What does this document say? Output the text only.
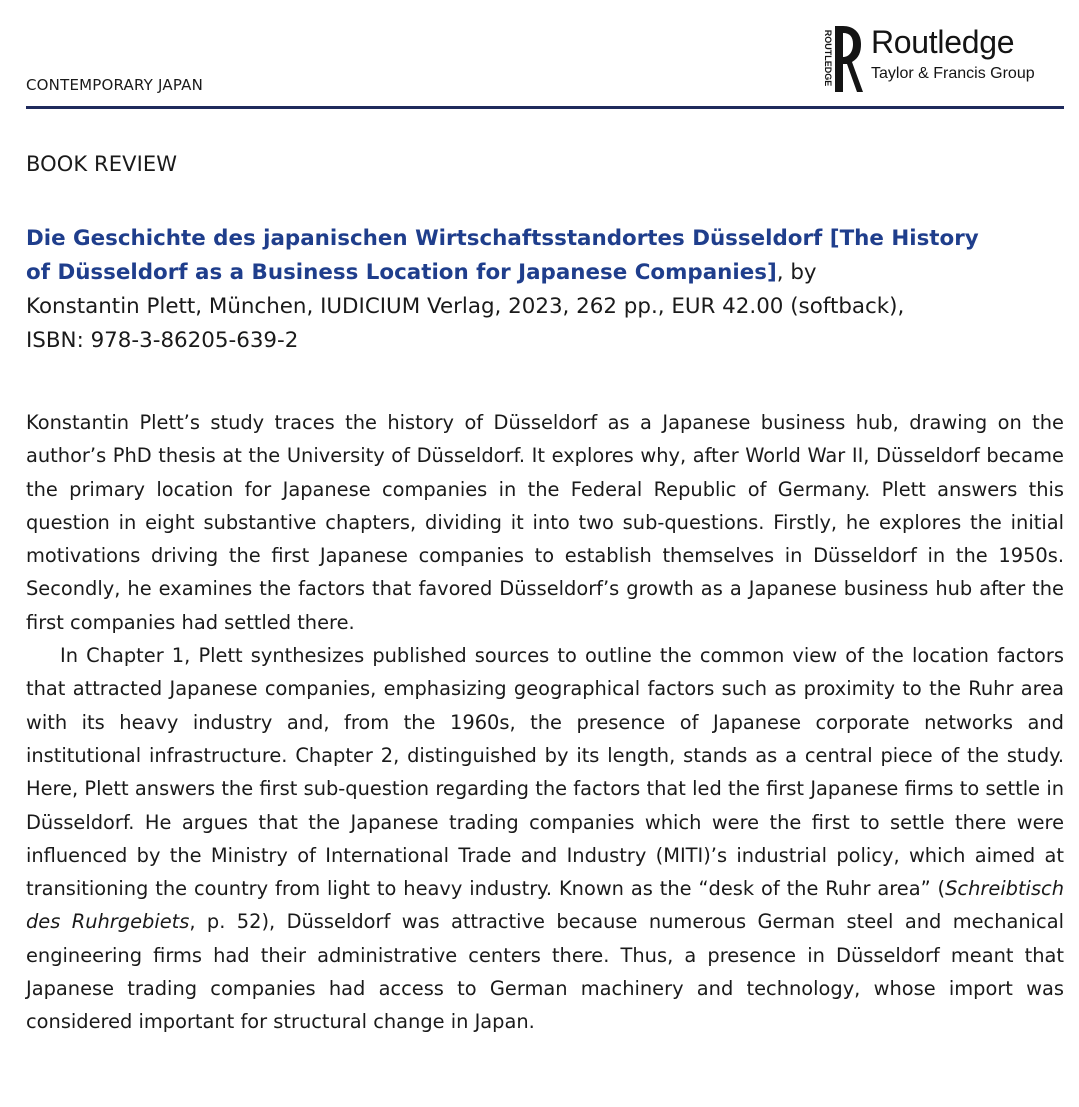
CONTEMPORARY JAPAN	ROUTLEDGE Routledge
Taylor & Francis Group
BOOK REVIEW
Die Geschichte des japanischen Wirtschaftsstandortes Düsseldorf [The History
of Düsseldorf as a Business Location for Japanese Companies], by
Konstantin Plett, München, IUDICIUM Verlag, 2023, 262 pp., EUR 42.00 (softback),
ISBN: 978-3-86205-639-2

Konstantin Plett’s study traces the history of Düsseldorf as a Japanese business hub, drawing on the author’s PhD thesis at the University of Düsseldorf. It explores why, after World War II, Düsseldorf became the primary location for Japanese companies in the Federal Republic of Germany. Plett answers this question in eight substantive chapters, dividing it into two sub-questions. Firstly, he explores the initial motivations driving the first Japanese companies to establish themselves in Düsseldorf in the 1950s. Secondly, he examines the factors that favored Düsseldorf’s growth as a Japanese business hub after the first companies had settled there.

In Chapter 1, Plett synthesizes published sources to outline the common view of the location factors that attracted Japanese companies, emphasizing geographical factors such as proximity to the Ruhr area with its heavy industry and, from the 1960s, the presence of Japanese corporate networks and institutional infrastructure. Chapter 2, distinguished by its length, stands as a central piece of the study. Here, Plett answers the first sub-question regarding the factors that led the first Japanese firms to settle in Düsseldorf. He argues that the Japanese trading companies which were the first to settle there were influenced by the Ministry of International Trade and Industry (MITI)’s industrial policy, which aimed at transitioning the country from light to heavy industry. Known as the “desk of the Ruhr area” (Schreibtisch des Ruhrgebiets, p. 52), Düsseldorf was attractive because numerous German steel and mechanical engineering firms had their administrative centers there. Thus, a presence in Düsseldorf meant that Japanese trading companies had access to German machinery and technology, whose import was considered important for structural change in Japan.
